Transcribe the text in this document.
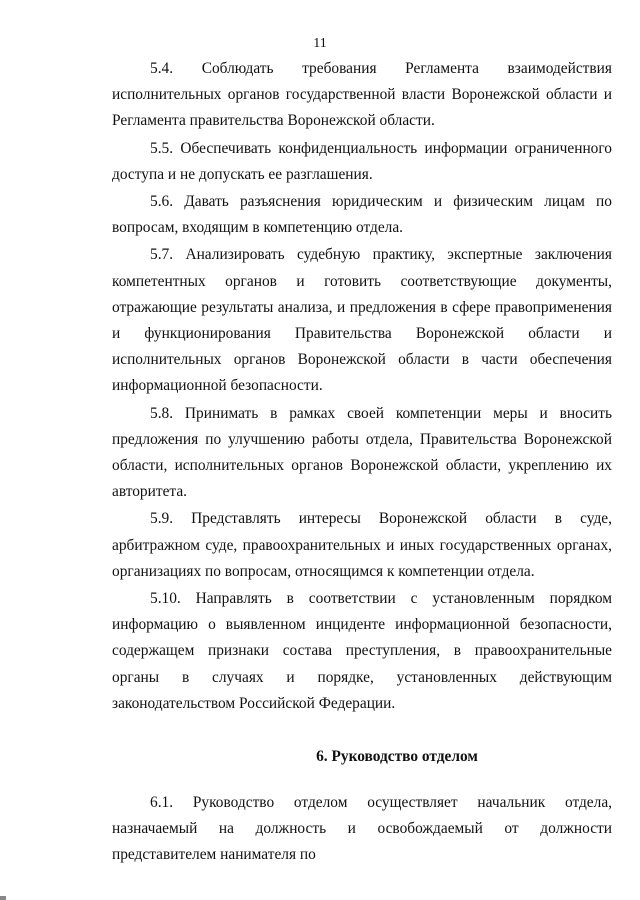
11

5.4. Соблюдать требования Регламента взаимодействия исполнительных органов государственной власти Воронежской области и Регламента правительства Воронежской области.

5.5. Обеспечивать конфиденциальность информации ограниченного доступа и не допускать ее разглашения.

5.6. Давать разъяснения юридическим и физическим лицам по вопросам, входящим в компетенцию отдела.

5.7. Анализировать судебную практику, экспертные заключения компетентных органов и готовить соответствующие документы, отражающие результаты анализа, и предложения в сфере правоприменения и функционирования Правительства Воронежской области и исполнительных органов Воронежской области в части обеспечения информационной безопасности.

5.8. Принимать в рамках своей компетенции меры и вносить предложения по улучшению работы отдела, Правительства Воронежской области, исполнительных органов Воронежской области, укреплению их авторитета.

5.9. Представлять интересы Воронежской области в суде, арбитражном суде, правоохранительных и иных государственных органах, организациях по вопросам, относящимся к компетенции отдела.

5.10. Направлять в соответствии с установленным порядком информацию о выявленном инциденте информационной безопасности, содержащем признаки состава преступления, в правоохранительные органы в случаях и порядке, установленных действующим законодательством Российской Федерации.

6. Руководство отделом

6.1. Руководство отделом осуществляет начальник отдела, назначаемый на должность и освобождаемый от должности представителем нанимателя по
